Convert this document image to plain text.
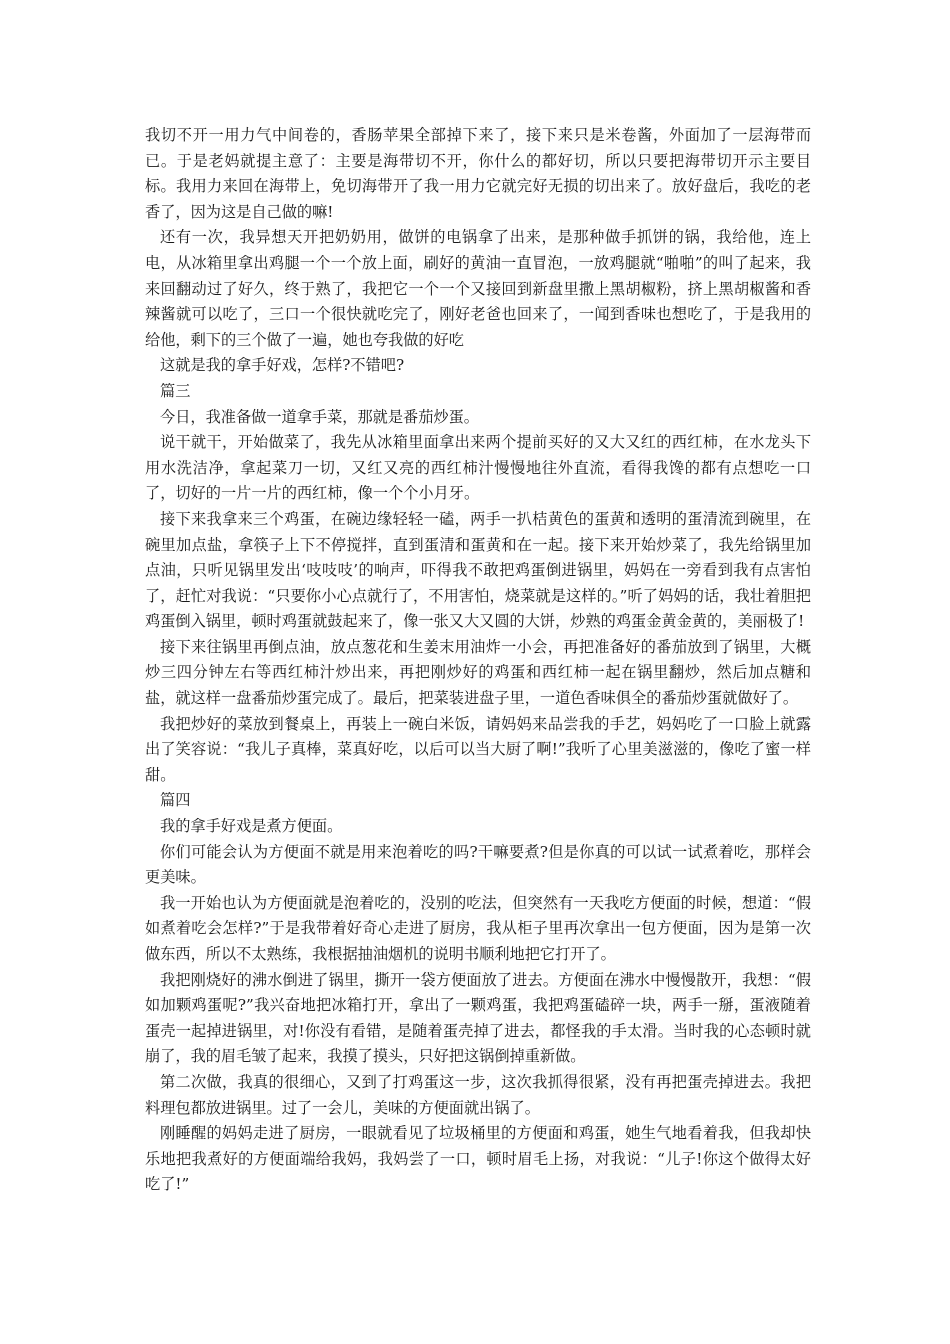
我切不开一用力气中间卷的，香肠苹果全部掉下来了，接下来只是米卷酱，外面加了一层海带而已。于是老妈就提主意了：主要是海带切不开，你什么的都好切，所以只要把海带切开示主要目标。我用力来回在海带上，免切海带开了我一用力它就完好无损的切出来了。放好盘后，我吃的老香了，因为这是自己做的嘛!

还有一次，我异想天开把奶奶用，做饼的电锅拿了出来，是那种做手抓饼的锅，我给他，连上电，从冰箱里拿出鸡腿一个一个放上面，刷好的黄油一直冒泡，一放鸡腿就“啪啪”的叫了起来，我来回翻动过了好久，终于熟了，我把它一个一个又接回到新盘里撒上黑胡椒粉，挤上黑胡椒酱和香辣酱就可以吃了，三口一个很快就吃完了，刚好老爸也回来了，一闻到香味也想吃了，于是我用的给他，剩下的三个做了一遍，她也夸我做的好吃

这就是我的拿手好戏，怎样?不错吧?

篇三

今日，我准备做一道拿手菜，那就是番茄炒蛋。

说干就干，开始做菜了，我先从冰箱里面拿出来两个提前买好的又大又红的西红柿，在水龙头下用水洗洁净，拿起菜刀一切，又红又亮的西红柿汁慢慢地往外直流，看得我馋的都有点想吃一口了，切好的一片一片的西红柿，像一个个小月牙。

接下来我拿来三个鸡蛋，在碗边缘轻轻一磕，两手一扒桔黄色的蛋黄和透明的蛋清流到碗里，在碗里加点盐，拿筷子上下不停搅拌，直到蛋清和蛋黄和在一起。接下来开始炒菜了，我先给锅里加点油，只听见锅里发出‘吱吱吱’的响声，吓得我不敢把鸡蛋倒进锅里，妈妈在一旁看到我有点害怕了，赶忙对我说：“只要你小心点就行了，不用害怕，烧菜就是这样的。”听了妈妈的话，我壮着胆把鸡蛋倒入锅里，顿时鸡蛋就鼓起来了，像一张又大又圆的大饼，炒熟的鸡蛋金黄金黄的，美丽极了!

接下来往锅里再倒点油，放点葱花和生姜末用油炸一小会，再把准备好的番茄放到了锅里，大概炒三四分钟左右等西红柿汁炒出来，再把刚炒好的鸡蛋和西红柿一起在锅里翻炒，然后加点糖和盐，就这样一盘番茄炒蛋完成了。最后，把菜装进盘子里，一道色香味俱全的番茄炒蛋就做好了。

我把炒好的菜放到餐桌上，再装上一碗白米饭，请妈妈来品尝我的手艺，妈妈吃了一口脸上就露出了笑容说：“我儿子真棒，菜真好吃，以后可以当大厨了啊!”我听了心里美滋滋的，像吃了蜜一样甜。

篇四

我的拿手好戏是煮方便面。

你们可能会认为方便面不就是用来泡着吃的吗?干嘛要煮?但是你真的可以试一试煮着吃，那样会更美味。

我一开始也认为方便面就是泡着吃的，没别的吃法，但突然有一天我吃方便面的时候，想道：“假如煮着吃会怎样?”于是我带着好奇心走进了厨房，我从柜子里再次拿出一包方便面，因为是第一次做东西，所以不太熟练，我根据抽油烟机的说明书顺利地把它打开了。

我把刚烧好的沸水倒进了锅里，撕开一袋方便面放了进去。方便面在沸水中慢慢散开，我想：“假如加颗鸡蛋呢?”我兴奋地把冰箱打开，拿出了一颗鸡蛋，我把鸡蛋磕碎一块，两手一掰，蛋液随着蛋壳一起掉进锅里，对!你没有看错，是随着蛋壳掉了进去，都怪我的手太滑。当时我的心态顿时就崩了，我的眉毛皱了起来，我摸了摸头，只好把这锅倒掉重新做。

第二次做，我真的很细心，又到了打鸡蛋这一步，这次我抓得很紧，没有再把蛋壳掉进去。我把料理包都放进锅里。过了一会儿，美味的方便面就出锅了。

刚睡醒的妈妈走进了厨房，一眼就看见了垃圾桶里的方便面和鸡蛋，她生气地看着我，但我却快乐地把我煮好的方便面端给我妈，我妈尝了一口，顿时眉毛上扬，对我说：“儿子!你这个做得太好吃了!”
